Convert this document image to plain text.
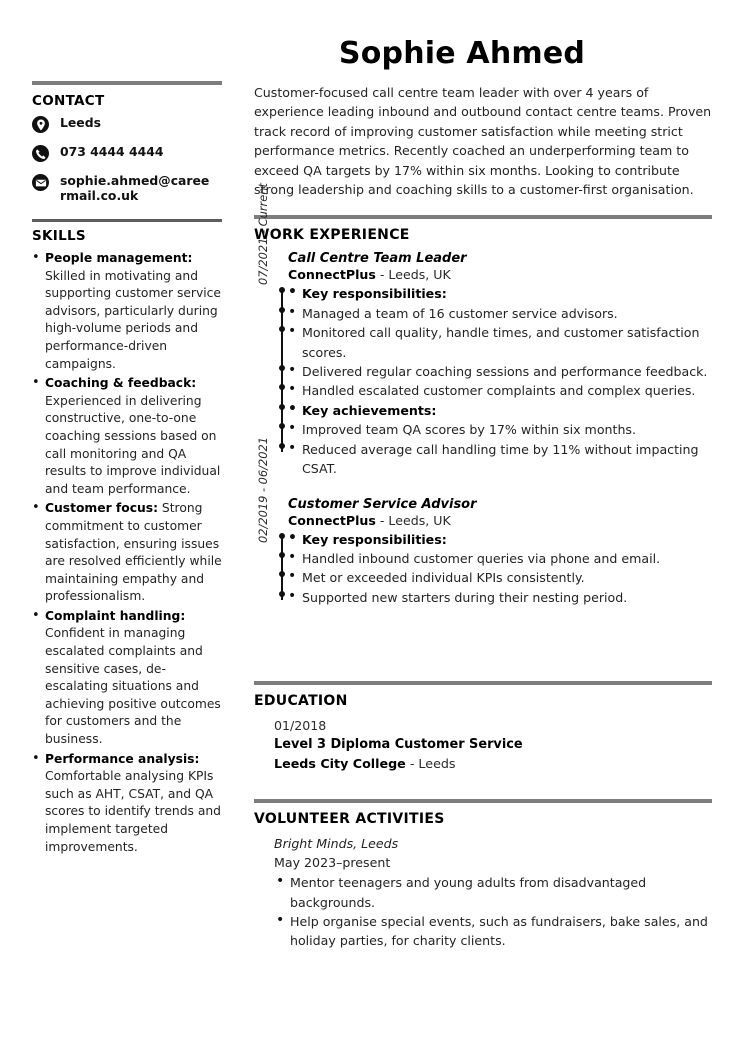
Sophie Ahmed
CONTACT
Leeds
073 4444 4444
sophie.ahmed@careermail.co.uk
SKILLS
• People management: Skilled in motivating and supporting customer service advisors, particularly during high-volume periods and performance-driven campaigns.
• Coaching & feedback: Experienced in delivering constructive, one-to-one coaching sessions based on call monitoring and QA results to improve individual and team performance.
• Customer focus: Strong commitment to customer satisfaction, ensuring issues are resolved efficiently while maintaining empathy and professionalism.
• Complaint handling: Confident in managing escalated complaints and sensitive cases, de-escalating situations and achieving positive outcomes for customers and the business.
• Performance analysis: Comfortable analysing KPIs such as AHT, CSAT, and QA scores to identify trends and implement targeted improvements.

Customer-focused call centre team leader with over 4 years of experience leading inbound and outbound contact centre teams. Proven track record of improving customer satisfaction while meeting strict performance metrics. Recently coached an underperforming team to exceed QA targets by 17% within six months. Looking to contribute strong leadership and coaching skills to a customer-first organisation.

WORK EXPERIENCE
07/2021 - Current Call Centre Team Leader
ConnectPlus - Leeds, UK
• Key responsibilities:
• Managed a team of 16 customer service advisors.
• Monitored call quality, handle times, and customer satisfaction scores.
• Delivered regular coaching sessions and performance feedback.
• Handled escalated customer complaints and complex queries.
• Key achievements:
• Improved team QA scores by 17% within six months.
• Reduced average call handling time by 11% without impacting CSAT.
02/2019 - 06/2021 Customer Service Advisor
ConnectPlus - Leeds, UK
• Key responsibilities:
• Handled inbound customer queries via phone and email.
• Met or exceeded individual KPIs consistently.
• Supported new starters during their nesting period.
EDUCATION
01/2018
Level 3 Diploma Customer Service
Leeds City College - Leeds
VOLUNTEER ACTIVITIES
Bright Minds, Leeds
May 2023–present
• Mentor teenagers and young adults from disadvantaged backgrounds.
• Help organise special events, such as fundraisers, bake sales, and holiday parties, for charity clients.
